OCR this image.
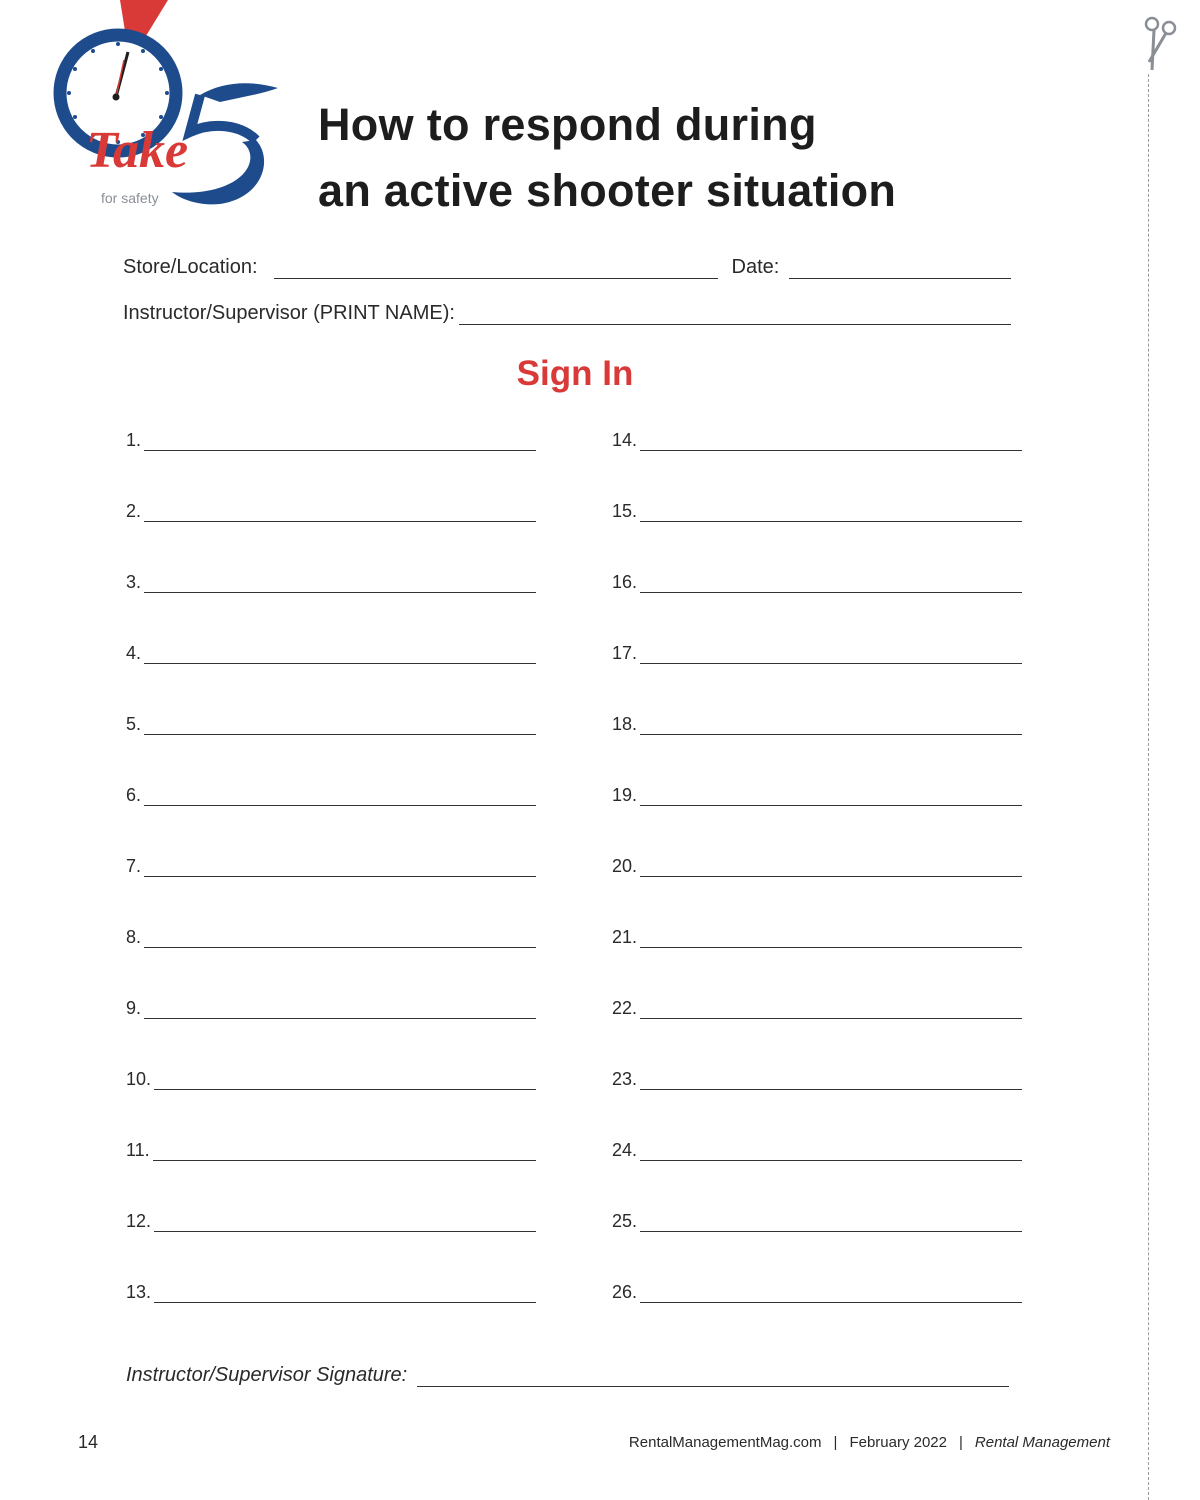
Take
for safety
How to respond during
an active shooter situation
Store/Location:	Date:
Instructor/Supervisor (PRINT NAME):
Sign In
1.
2.
3.
4.
5.
6.
7.
8.
9.
10.
11.
12.
13.
14.
15.
16.
17.
18.
19.
20.
21.
22.
23.
24.
25.
26.
Instructor/Supervisor Signature:
14	RentalManagementMag.com | February 2022 | Rental Management
